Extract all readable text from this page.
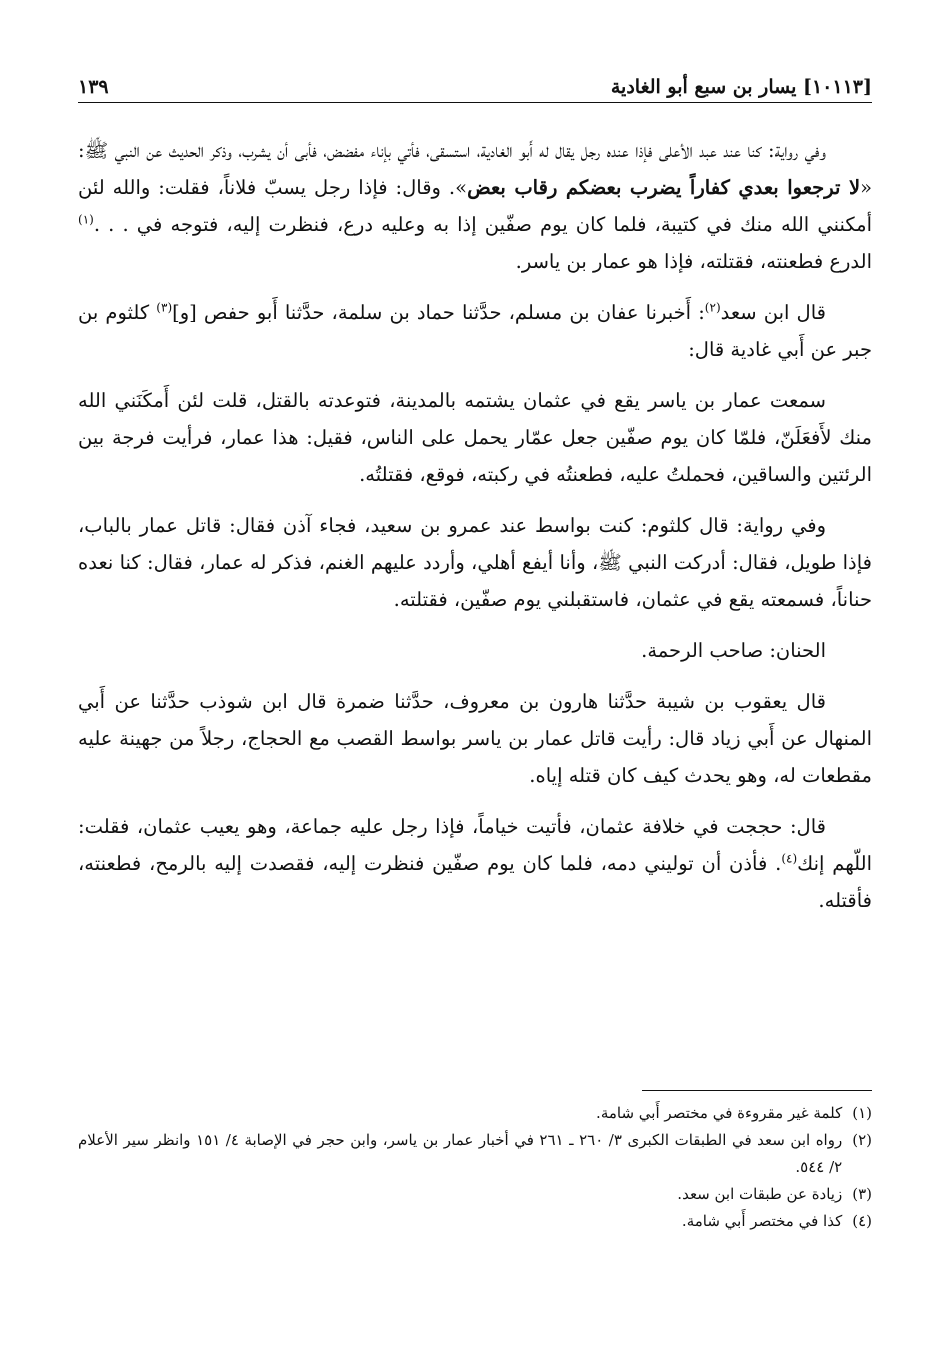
[١٠١١٣] يسار بن سبع أبو الغادية
١٣٩

وفي رواية: كنا عند عبد الأعلى فإذا عنده رجل يقال له أَبو الغادية، استسقى، فأتي بإناء مفضض، فأبى أن يشرب، وذكر الحديث عن النبي ﷺ: «لا ترجعوا بعدي كفاراً يضرب بعضكم رقاب بعض». وقال: فإذا رجل يسبّ فلاناً، فقلت: والله لئن أمكنني الله منك في كتيبة، فلما كان يوم صفّين إذا به وعليه درع، فنظرت إليه، فتوجه في . . .$^{(١)}$ الدرع فطعنته، فقتلته، فإذا هو عمار بن ياسر.

قال ابن سعد$^{(٢)}$: أَخبرنا عفان بن مسلم، حدَّثنا حماد بن سلمة، حدَّثنا أَبو حفص [و]$^{(٣)}$ كلثوم بن جبر عن أَبي غادية قال:

سمعت عمار بن ياسر يقع في عثمان يشتمه بالمدينة، فتوعدته بالقتل، قلت لئن أَمكَنَني الله منك لأَفعَلَنّ، فلمّا كان يوم صفّين جعل عمّار يحمل على الناس، فقيل: هذا عمار، فرأيت فرجة بين الرئتين والساقين، فحملتُ عليه، فطعنتُه في ركبته، فوقع، فقتلتُه.

وفي رواية: قال كلثوم: كنت بواسط عند عمرو بن سعيد، فجاء آذن فقال: قاتل عمار بالباب، فإذا طويل، فقال: أدركت النبي ﷺ، وأنا أيفع أهلي، وأردد عليهم الغنم، فذكر له عمار، فقال: كنا نعده حناناً، فسمعته يقع في عثمان، فاستقبلني يوم صفّين، فقتلته.

الحنان: صاحب الرحمة.

قال يعقوب بن شيبة حدَّثنا هارون بن معروف، حدَّثنا ضمرة قال ابن شوذب حدَّثنا عن أَبي المنهال عن أَبي زياد قال: رأيت قاتل عمار بن ياسر بواسط القصب مع الحجاج، رجلاً من جهينة عليه مقطعات له، وهو يحدث كيف كان قتله إياه.

قال: حججت في خلافة عثمان، فأتيت خياماً، فإذا رجل عليه جماعة، وهو يعيب عثمان، فقلت: اللّهم إنك$^{(٤)}$. فأذن أن توليني دمه، فلما كان يوم صفّين فنظرت إليه، فقصدت إليه بالرمح، فطعنته، فأقتله.

(١)
كلمة غير مقروءة في مختصر أَبي شامة.
(٢)
رواه ابن سعد في الطبقات الكبرى ٣/ ٢٦٠ ـ ٢٦١ في أخبار عمار بن ياسر، وابن حجر في الإصابة ٤/ ١٥١ وانظر سير الأعلام ٢/ ٥٤٤.
(٣)
زيادة عن طبقات ابن سعد.
(٤)
كذا في مختصر أَبي شامة.
